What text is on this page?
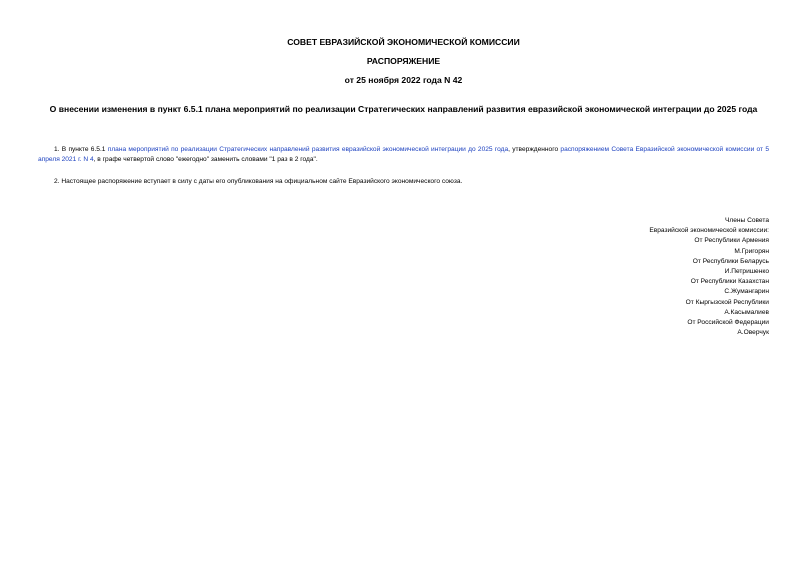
СОВЕТ ЕВРАЗИЙСКОЙ ЭКОНОМИЧЕСКОЙ КОМИССИИ
РАСПОРЯЖЕНИЕ
от 25 ноября 2022 года N 42
О внесении изменения в пункт 6.5.1 плана мероприятий по реализации Стратегических направлений развития евразийской экономической интеграции до 2025 года
1. В пункте 6.5.1 плана мероприятий по реализации Стратегических направлений развития евразийской экономической интеграции до 2025 года, утвержденного распоряжением Совета Евразийской экономической комиссии от 5 апреля 2021 г. N 4, в графе четвертой слово "ежегодно" заменить словами "1 раз в 2 года".
2. Настоящее распоряжение вступает в силу с даты его опубликования на официальном сайте Евразийского экономического союза.
Члены Совета
Евразийской экономической комиссии:
От Республики Армения
М.Григорян
От Республики Беларусь
И.Петришенко
От Республики Казахстан
С.Жумангарин
От Кыргызской Республики
А.Касымалиев
От Российской Федерации
А.Оверчук
